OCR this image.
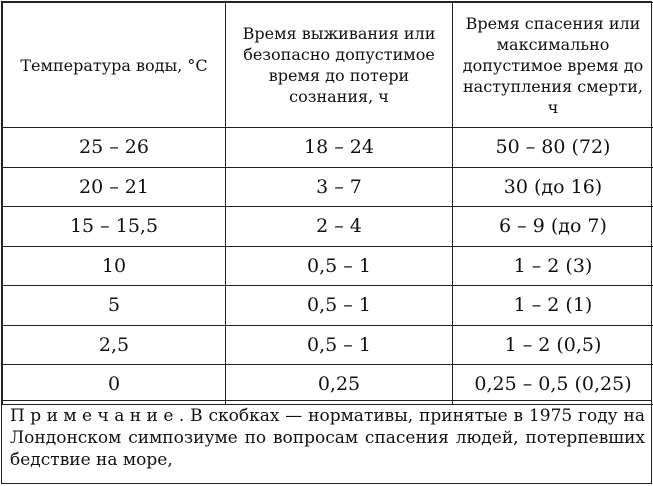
Температура воды, °С	Время выживания или безопасно допустимое время до потери сознания, ч	Время спасения или максимально допустимое время до наступления смерти, ч
25 – 26	18 – 24	50 – 80 (72)
20 – 21	3 – 7	30 (до 16)
15 – 15,5	2 – 4	6 – 9 (до 7)
10	0,5 – 1	1 – 2 (3)
5	0,5 – 1	1 – 2 (1)
2,5	0,5 – 1	1 – 2 (0,5)
0	0,25	0,25 – 0,5 (0,25)
Примечание. В скобках — нормативы, принятые в 1975 году на Лондонском симпозиуме по вопросам спасения людей, потерпевших бедствие на море,
